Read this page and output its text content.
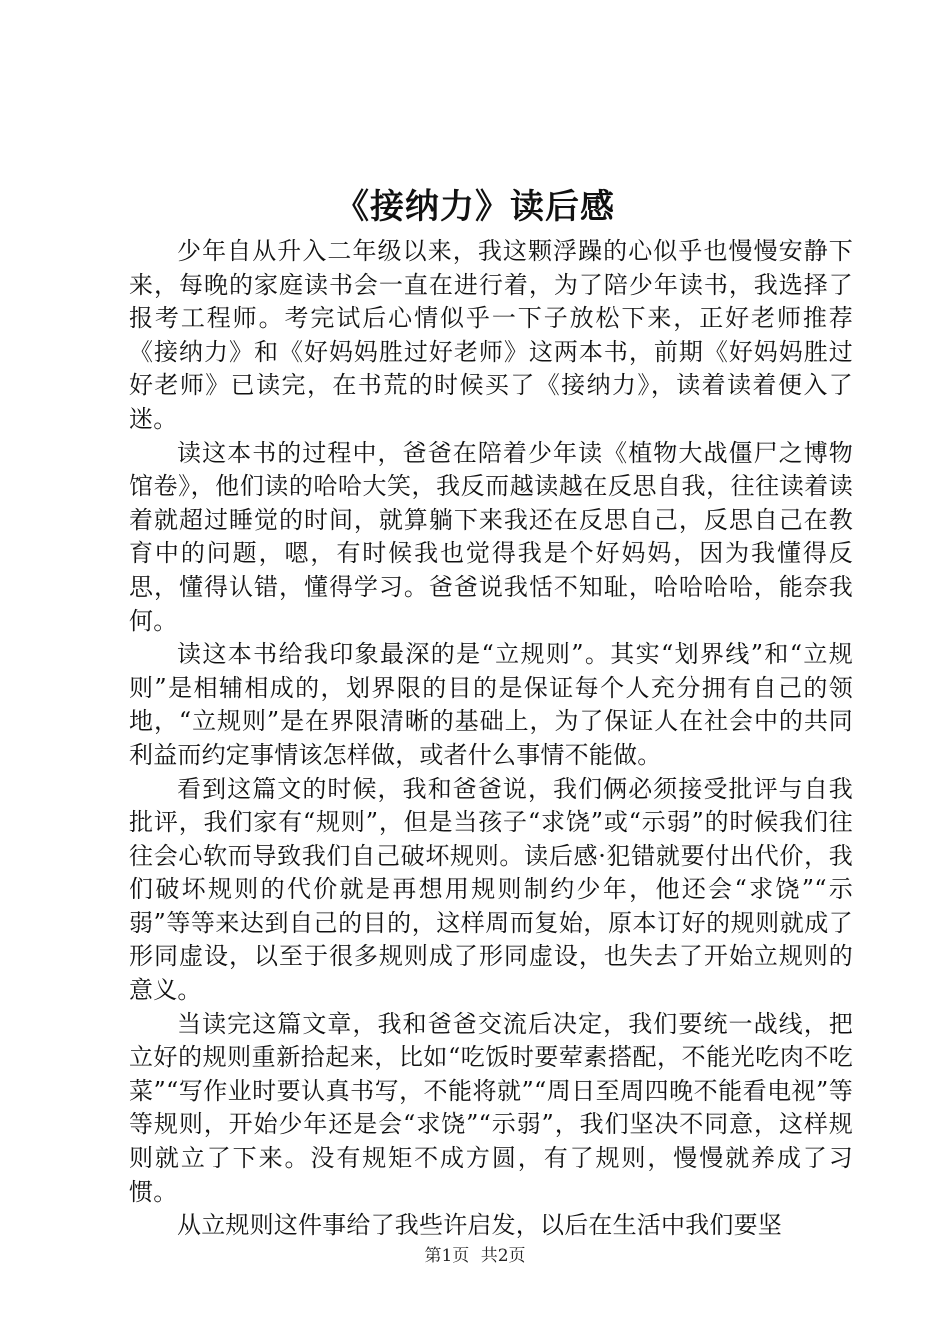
《接纳力》读后感

少年自从升入二年级以来，我这颗浮躁的心似乎也慢慢安静下来，每晚的家庭读书会一直在进行着，为了陪少年读书，我选择了报考工程师。考完试后心情似乎一下子放松下来，正好老师推荐《接纳力》和《好妈妈胜过好老师》这两本书，前期《好妈妈胜过好老师》已读完，在书荒的时候买了《接纳力》，读着读着便入了迷。

读这本书的过程中，爸爸在陪着少年读《植物大战僵尸之博物馆卷》，他们读的哈哈大笑，我反而越读越在反思自我，往往读着读着就超过睡觉的时间，就算躺下来我还在反思自己，反思自己在教育中的问题，嗯，有时候我也觉得我是个好妈妈，因为我懂得反思，懂得认错，懂得学习。爸爸说我恬不知耻，哈哈哈哈，能奈我何。

读这本书给我印象最深的是“立规则”。其实“划界线”和“立规则”是相辅相成的，划界限的目的是保证每个人充分拥有自己的领地，“立规则”是在界限清晰的基础上，为了保证人在社会中的共同利益而约定事情该怎样做，或者什么事情不能做。

看到这篇文的时候，我和爸爸说，我们俩必须接受批评与自我批评，我们家有“规则”，但是当孩子“求饶”或“示弱”的时候我们往往会心软而导致我们自己破坏规则。读后感·犯错就要付出代价，我们破坏规则的代价就是再想用规则制约少年，他还会“求饶”“示弱”等等来达到自己的目的，这样周而复始，原本订好的规则就成了形同虚设，以至于很多规则成了形同虚设，也失去了开始立规则的意义。

当读完这篇文章，我和爸爸交流后决定，我们要统一战线，把立好的规则重新拾起来，比如“吃饭时要荤素搭配，不能光吃肉不吃菜”“写作业时要认真书写，不能将就”“周日至周四晚不能看电视”等等规则，开始少年还是会“求饶”“示弱”，我们坚决不同意，这样规则就立了下来。没有规矩不成方圆，有了规则，慢慢就养成了习惯。

从立规则这件事给了我些许启发，以后在生活中我们要坚

第1页 共2页
